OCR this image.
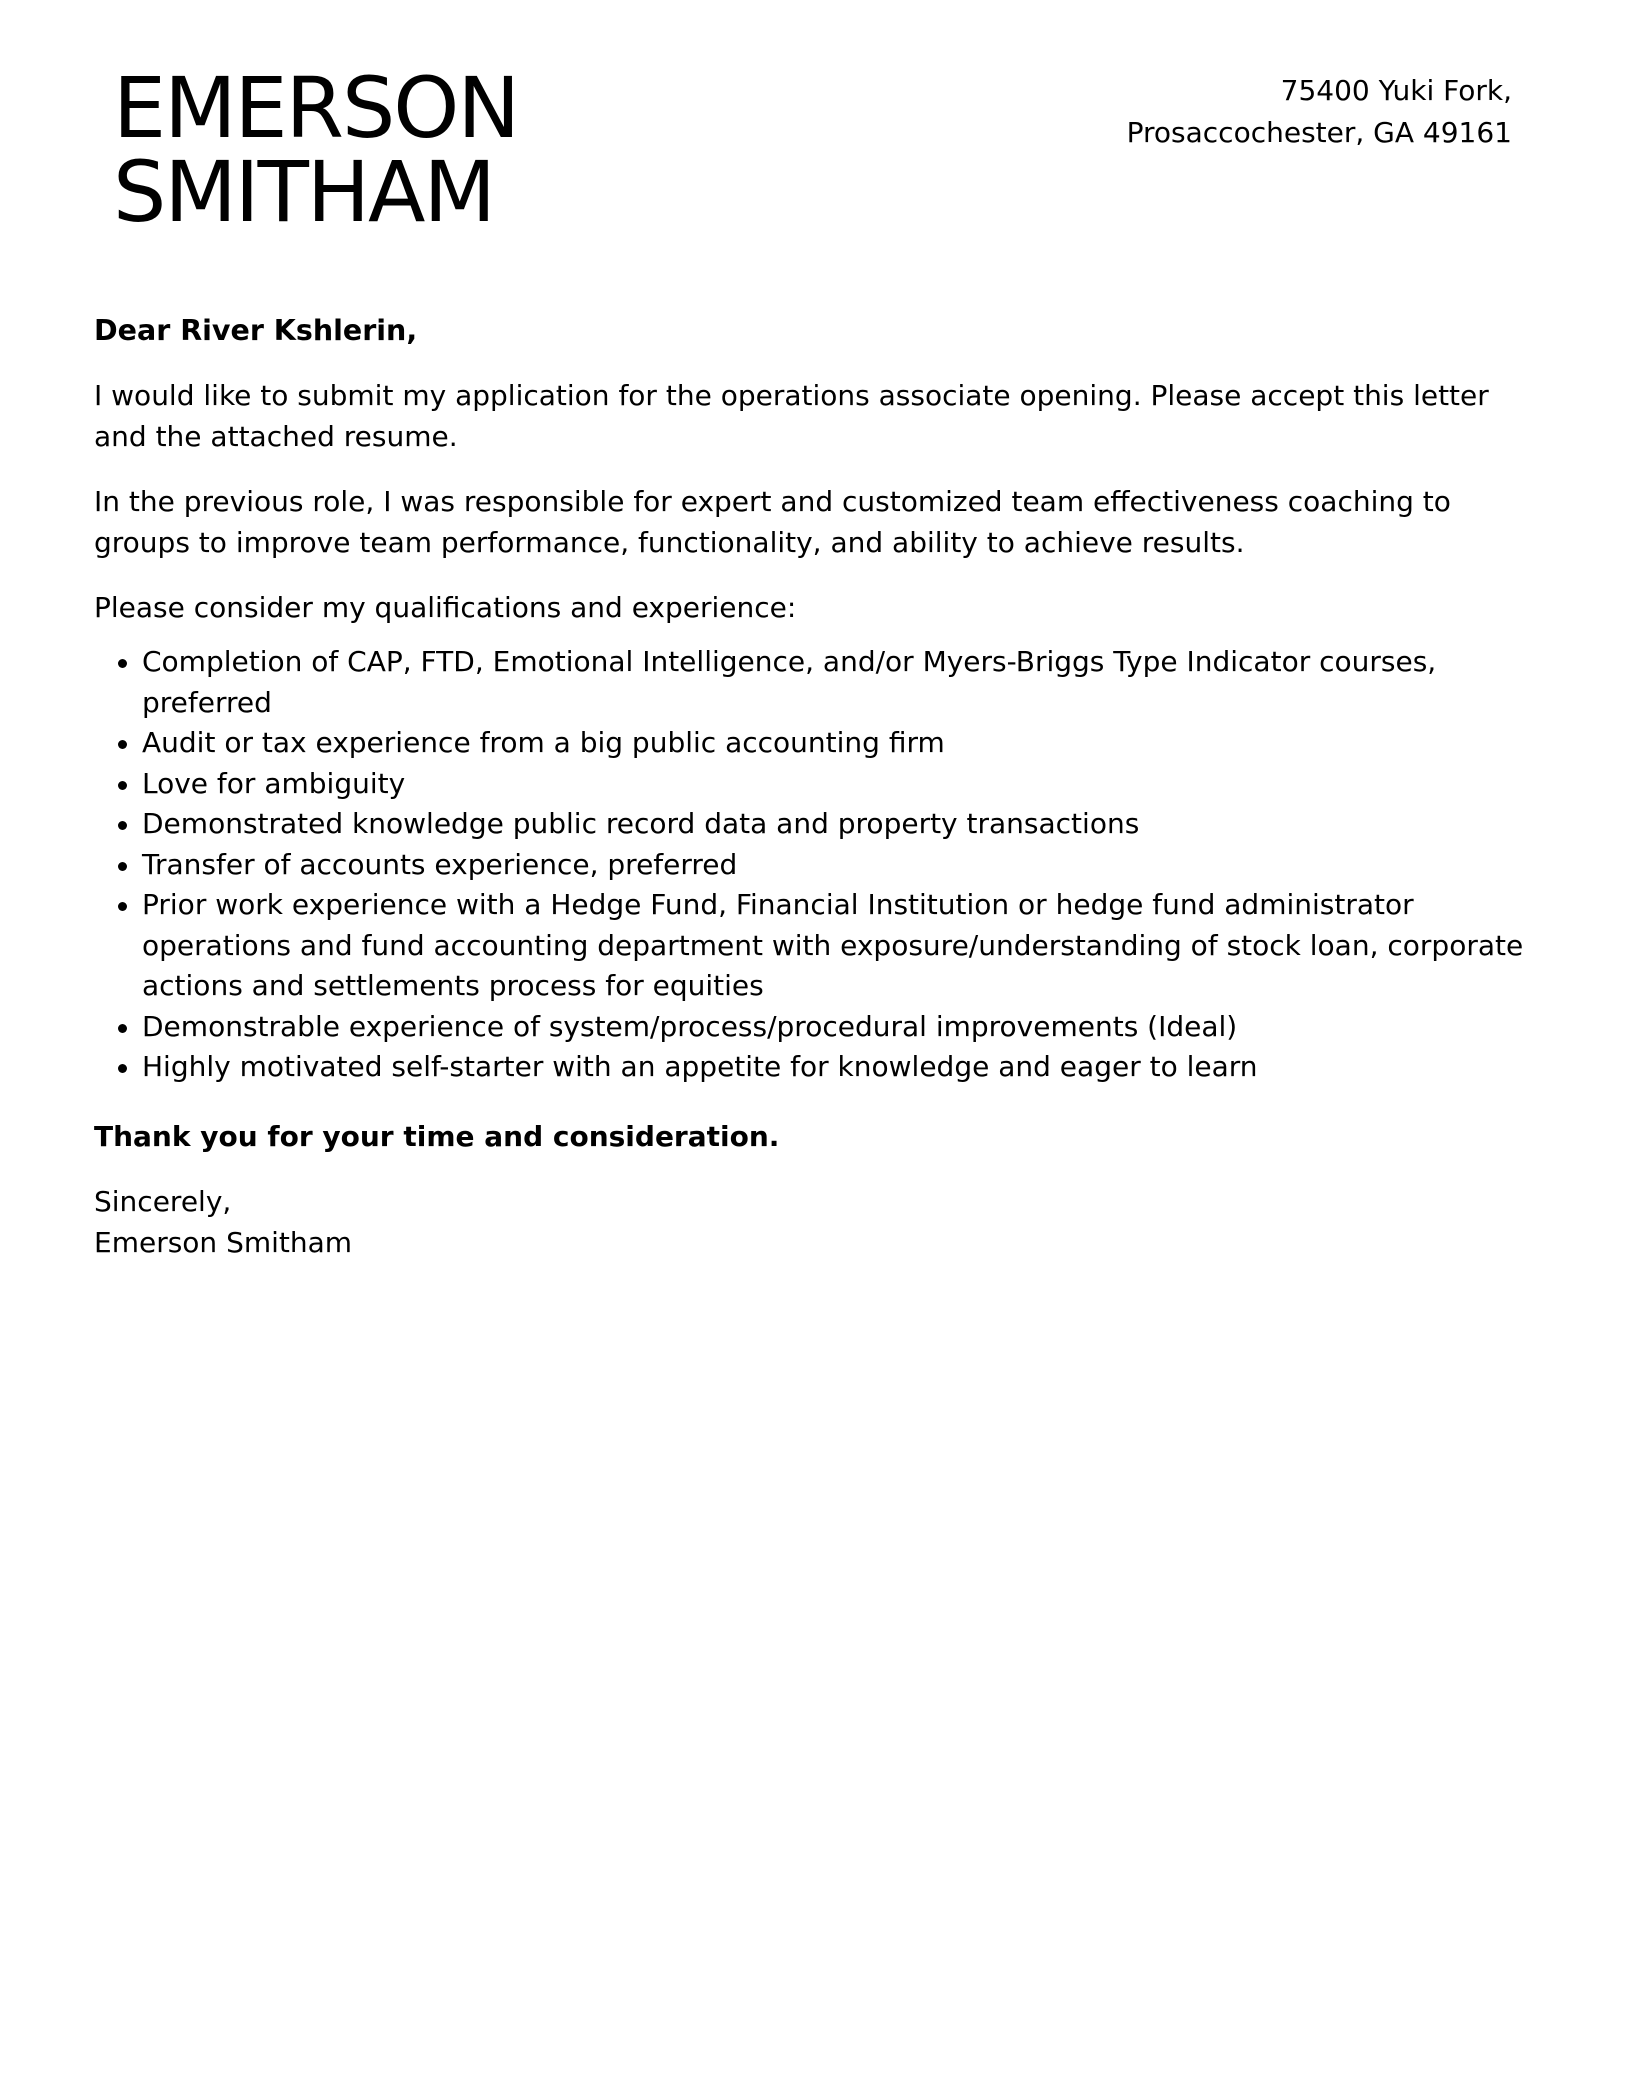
EMERSON
SMITHAM
75400 Yuki Fork,
Prosaccochester, GA 49161

Dear River Kshlerin,

I would like to submit my application for the operations associate opening. Please accept this letter and the attached resume.

In the previous role, I was responsible for expert and customized team effectiveness coaching to groups to improve team performance, functionality, and ability to achieve results.

Please consider my qualifications and experience:

Completion of CAP, FTD, Emotional Intelligence, and/or Myers-Briggs Type Indicator courses, preferred
Audit or tax experience from a big public accounting firm
Love for ambiguity
Demonstrated knowledge public record data and property transactions
Transfer of accounts experience, preferred
Prior work experience with a Hedge Fund, Financial Institution or hedge fund administrator operations and fund accounting department with exposure/understanding of stock loan, corporate actions and settlements process for equities
Demonstrable experience of system/process/procedural improvements (Ideal)
Highly motivated self-starter with an appetite for knowledge and eager to learn

Thank you for your time and consideration.

Sincerely,
Emerson Smitham
